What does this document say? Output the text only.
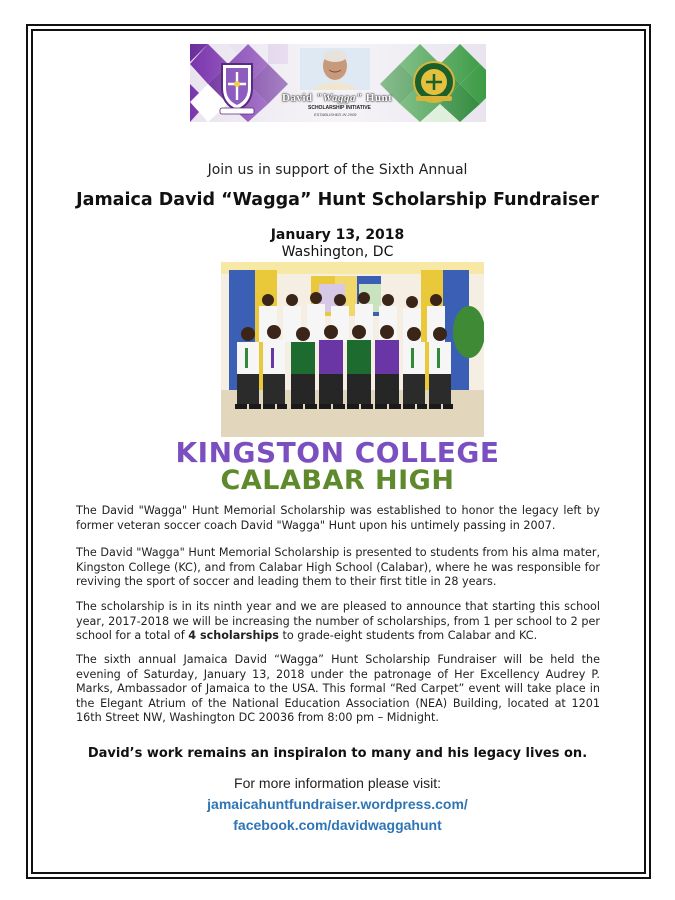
David "Wagga" Hunt
SCHOLARSHIP INITIATIVE
ESTABLISHED IN 2009
Join us in support of the Sixth Annual
Jamaica David “Wagga” Hunt Scholarship Fundraiser
January 13, 2018
Washington, DC
KINGSTON COLLEGE
CALABAR HIGH

The David "Wagga" Hunt Memorial Scholarship was established to honor the legacy left by former veteran soccer coach David "Wagga" Hunt upon his untimely passing in 2007.

The David "Wagga" Hunt Memorial Scholarship is presented to students from his alma mater, Kingston College (KC), and from Calabar High School (Calabar), where he was responsible for reviving the sport of soccer and leading them to their first title in 28 years.

The scholarship is in its ninth year and we are pleased to announce that starting this school year, 2017-2018 we will be increasing the number of scholarships, from 1 per school to 2 per school for a total of 4 scholarships to grade-eight students from Calabar and KC.

The sixth annual Jamaica David “Wagga” Hunt Scholarship Fundraiser will be held the evening of Saturday, January 13, 2018 under the patronage of Her Excellency Audrey P. Marks, Ambassador of Jamaica to the USA. This formal “Red Carpet” event will take place in the Elegant Atrium of the National Education Association (NEA) Building, located at 1201 16th Street NW, Washington DC 20036 from 8:00 pm – Midnight.

David’s work remains an inspiraIon to many and his legacy lives on.
For more information please visit:
jamaicahuntfundraiser.wordpress.com/
facebook.com/davidwaggahunt
